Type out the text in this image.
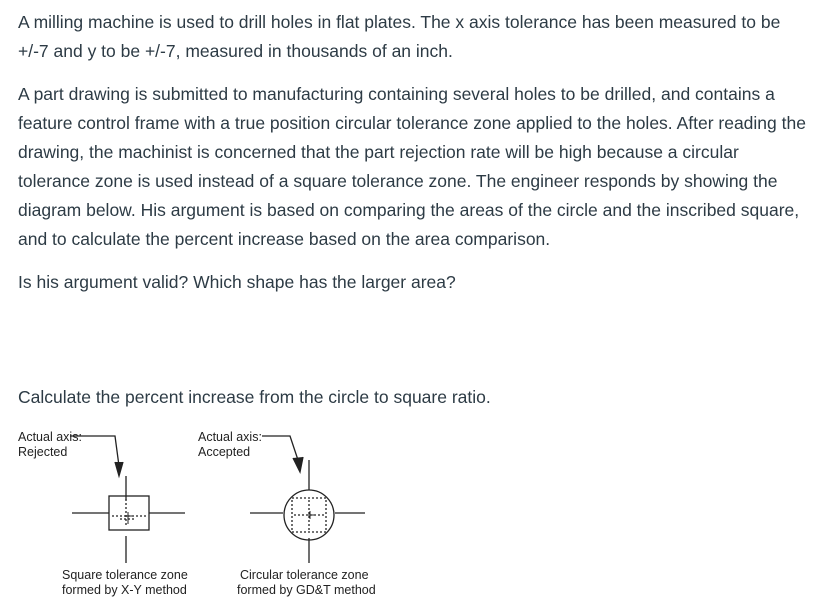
A milling machine is used to drill holes in flat plates. The x axis tolerance has been measured to be +/-7 and y to be +/-7, measured in thousands of an inch.

A part drawing is submitted to manufacturing containing several holes to be drilled, and contains a feature control frame with a true position circular tolerance zone applied to the holes. After reading the drawing, the machinist is concerned that the part rejection rate will be high because a circular tolerance zone is used instead of a square tolerance zone. The engineer responds by showing the diagram below. His argument is based on comparing the areas of the circle and the inscribed square, and to calculate the percent increase based on the area comparison.

Is his argument valid? Which shape has the larger area?

Calculate the percent increase from the circle to square ratio.

Actual axis:
Rejected
Actual axis:
Accepted
Square tolerance zone
formed by X-Y method
Circular tolerance zone
formed by GD&T method
